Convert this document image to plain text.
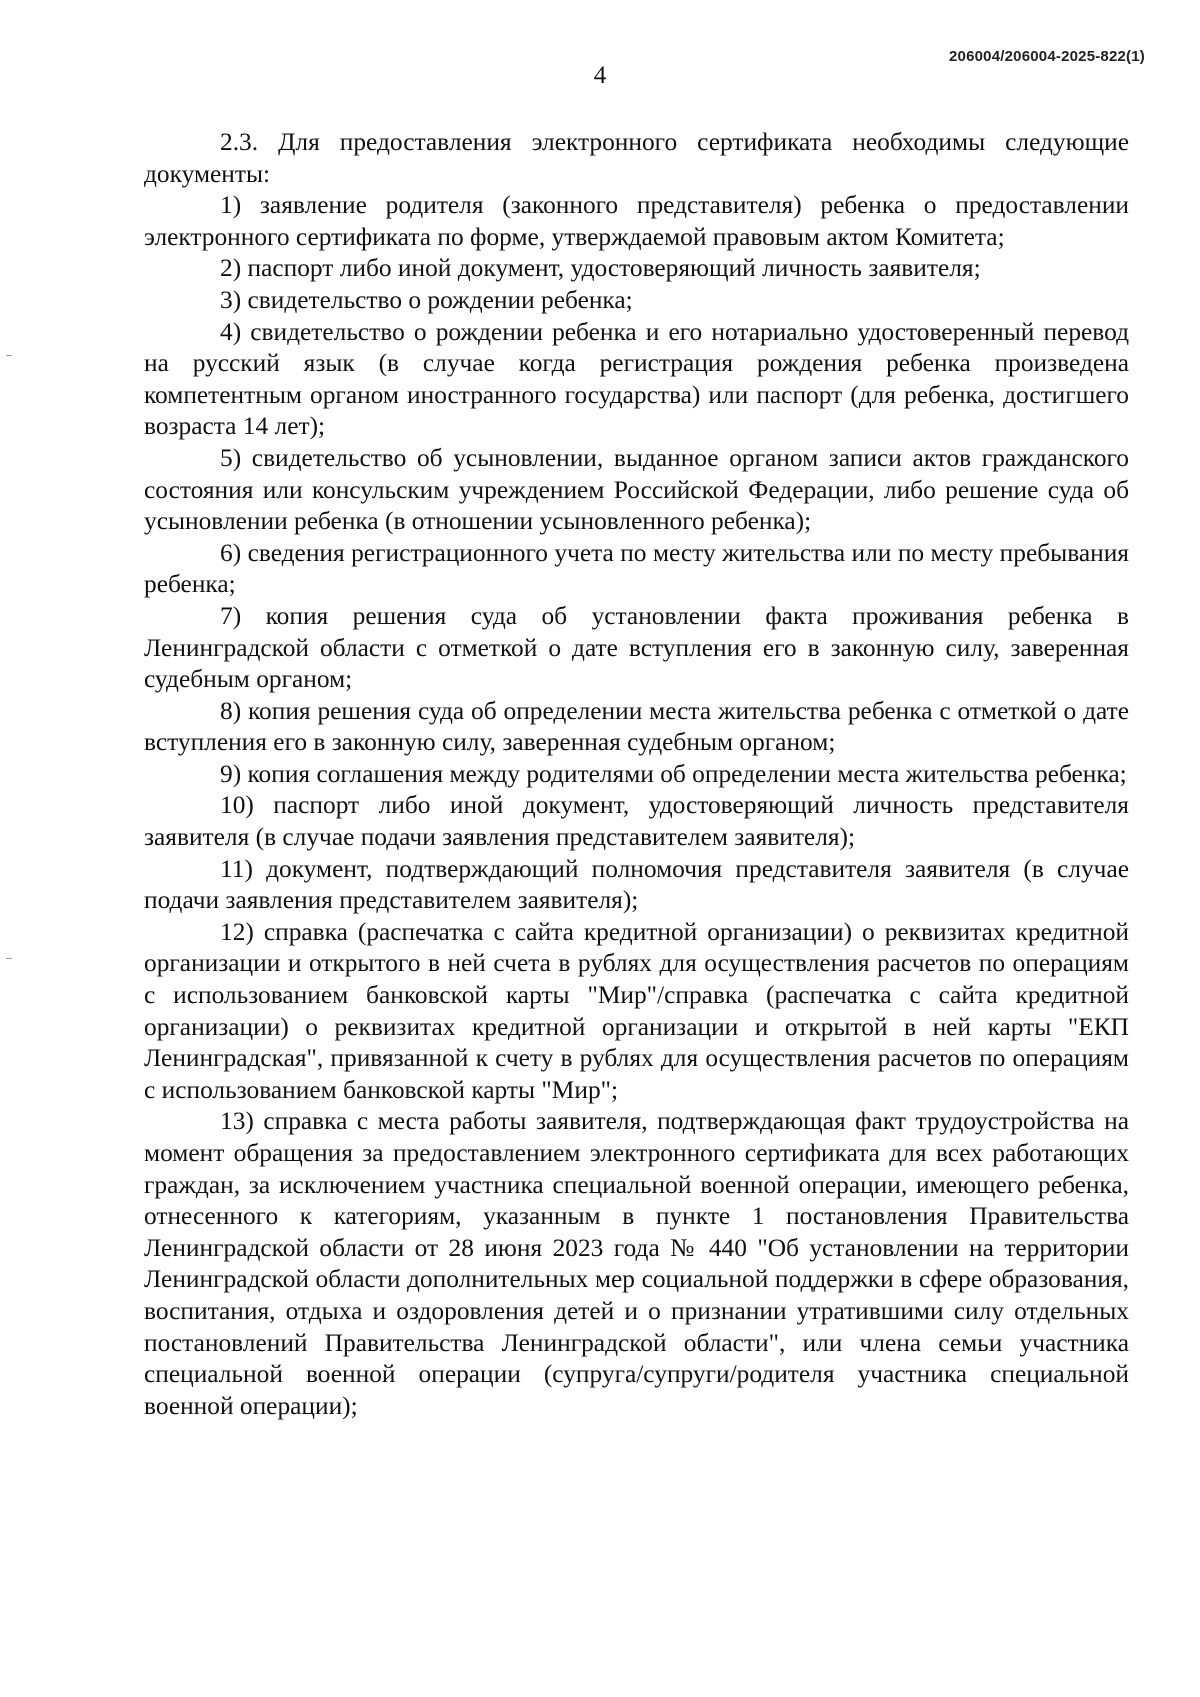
206004/206004-2025-822(1)
4

2.3. Для предоставления электронного сертификата необходимы следующие документы:

1) заявление родителя (законного представителя) ребенка о предоставлении электронного сертификата по форме, утверждаемой правовым актом Комитета;

2) паспорт либо иной документ, удостоверяющий личность заявителя;

3) свидетельство о рождении ребенка;

4) свидетельство о рождении ребенка и его нотариально удостоверенный перевод на русский язык (в случае когда регистрация рождения ребенка произведена компетентным органом иностранного государства) или паспорт (для ребенка, достигшего возраста 14 лет);

5) свидетельство об усыновлении, выданное органом записи актов гражданского состояния или консульским учреждением Российской Федерации, либо решение суда об усыновлении ребенка (в отношении усыновленного ребенка);

6) сведения регистрационного учета по месту жительства или по месту пребывания ребенка;

7) копия решения суда об установлении факта проживания ребенка в Ленинградской области с отметкой о дате вступления его в законную силу, заверенная судебным органом;

8) копия решения суда об определении места жительства ребенка с отметкой о дате вступления его в законную силу, заверенная судебным органом;

9) копия соглашения между родителями об определении места жительства ребенка;

10) паспорт либо иной документ, удостоверяющий личность представителя заявителя (в случае подачи заявления представителем заявителя);

11) документ, подтверждающий полномочия представителя заявителя (в случае подачи заявления представителем заявителя);

12) справка (распечатка с сайта кредитной организации) о реквизитах кредитной организации и открытого в ней счета в рублях для осуществления расчетов по операциям с использованием банковской карты "Мир"/справка (распечатка с сайта кредитной организации) о реквизитах кредитной организации и открытой в ней карты "ЕКП Ленинградская", привязанной к счету в рублях для осуществления расчетов по операциям с использованием банковской карты "Мир";

13) справка с места работы заявителя, подтверждающая факт трудоустройства на момент обращения за предоставлением электронного сертификата для всех работающих граждан, за исключением участника специальной военной операции, имеющего ребенка, отнесенного к категориям, указанным в пункте 1 постановления Правительства Ленинградской области от 28 июня 2023 года № 440 "Об установлении на территории Ленинградской области дополнительных мер социальной поддержки в сфере образования, воспитания, отдыха и оздоровления детей и о признании утратившими силу отдельных постановлений Правительства Ленинградской области", или члена семьи участника специальной военной операции (супруга/супруги/родителя участника специальной военной операции);
